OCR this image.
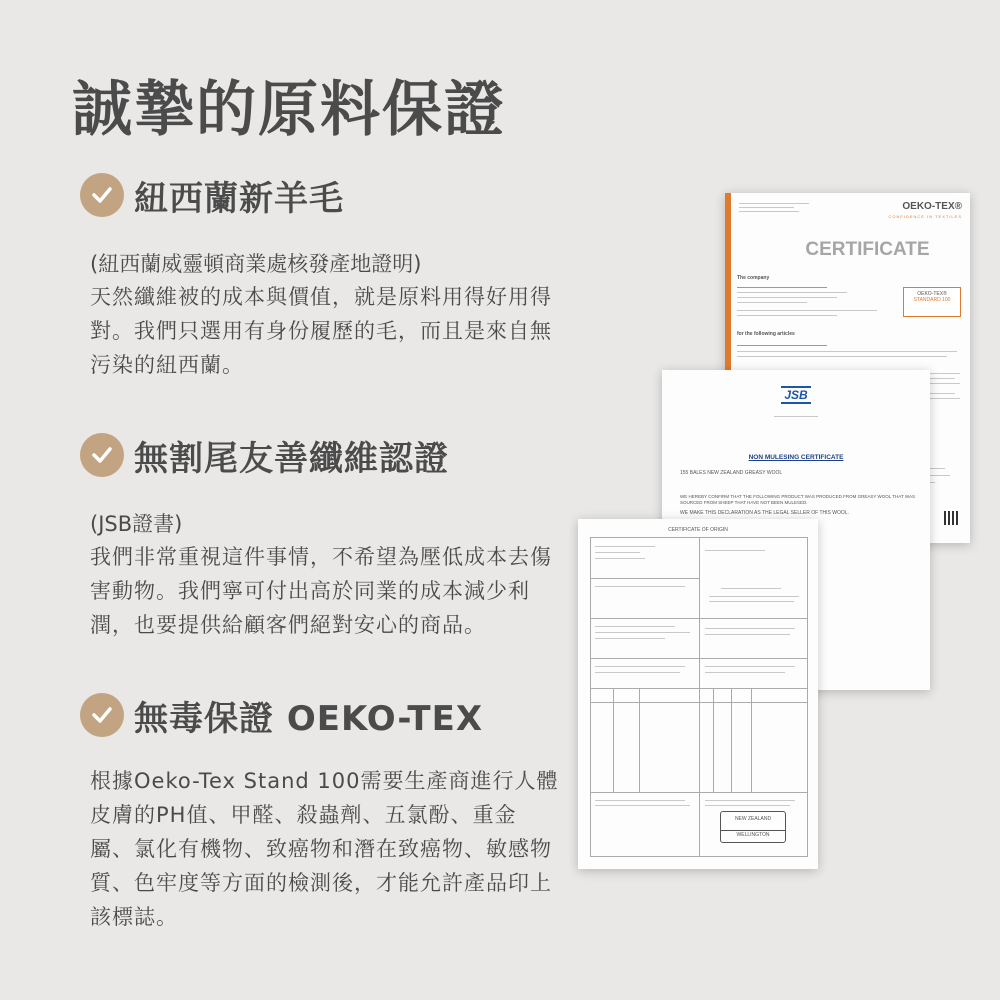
誠摯的原料保證
紐西蘭新羊毛
(紐西蘭威靈頓商業處核發產地證明)

天然纖維被的成本與價值，就是原料用得好用得對。我們只選用有身份履歷的毛，而且是來自無污染的紐西蘭。

無割尾友善纖維認證
(JSB證書)

我們非常重視這件事情，不希望為壓低成本去傷害動物。我們寧可付出高於同業的成本減少利潤，也要提供給顧客們絕對安心的商品。

無毒保證 OEKO-TEX

根據Oeko-Tex Stand 100需要生產商進行人體皮膚的PH值、甲醛、殺蟲劑、五氯酚、重金屬、氯化有機物、致癌物和潛在致癌物、敏感物質、色牢度等方面的檢測後，才能允許產品印上該標誌。

OEKO-TEX®
CONFIDENCE IN TEXTILES
CERTIFICATE
The company
OEKO-TEX®
STANDARD 100
for the following articles
JSB
NON MULESING CERTIFICATE
155 BALES NEW ZEALAND GREASY WOOL
WE HEREBY CONFIRM THAT THE FOLLOWING PRODUCT WAS PRODUCED FROM GREASY WOOL THAT WAS SOURCED FROM SHEEP THAT HAVE NOT BEEN MULESED.
WE MAKE THIS DECLARATION AS THE LEGAL SELLER OF THIS WOOL.
CERTIFICATE OF ORIGIN
NEW ZEALAND
WELLINGTON
